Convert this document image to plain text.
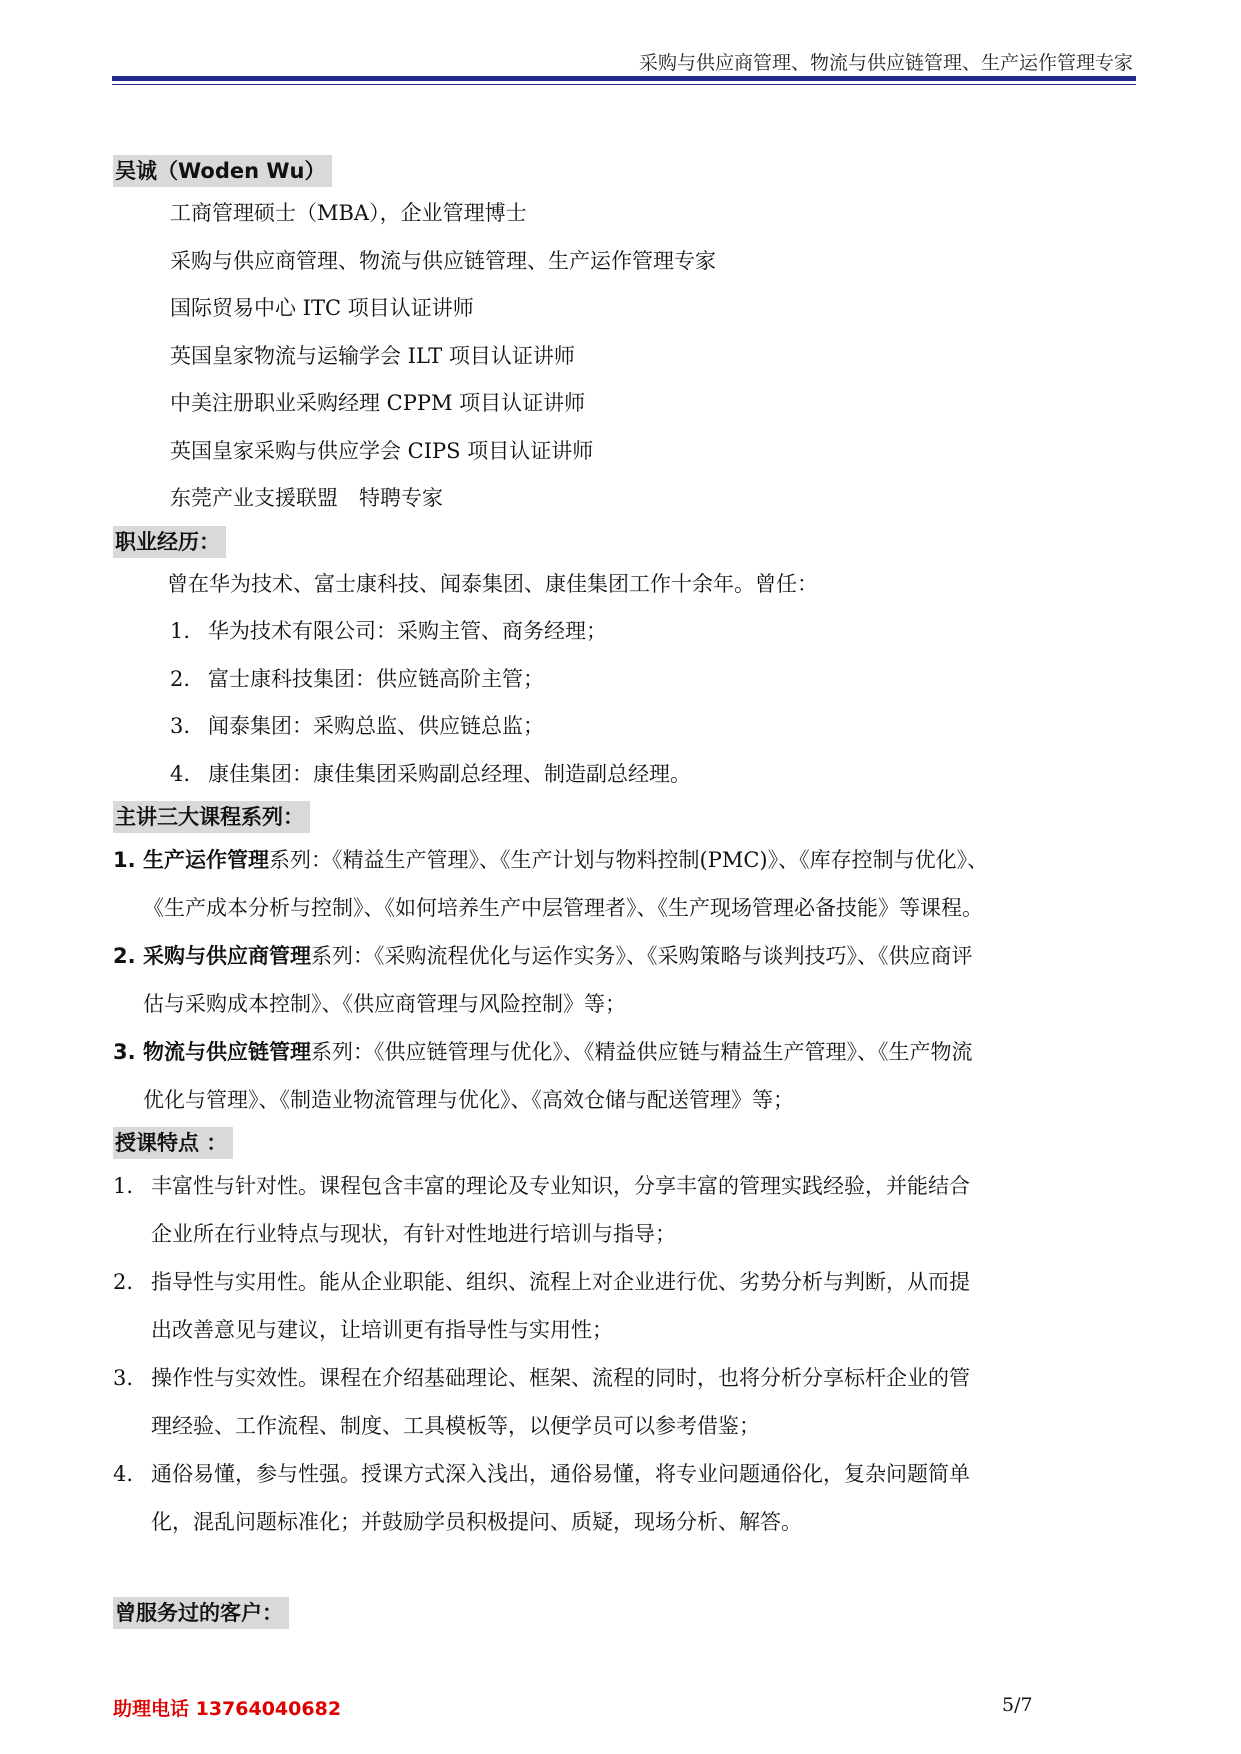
采购与供应商管理、物流与供应链管理、生产运作管理专家
吴诚（Woden Wu）
工商管理硕士（MBA），企业管理博士
采购与供应商管理、物流与供应链管理、生产运作管理专家
国际贸易中心 ITC 项目认证讲师
英国皇家物流与运输学会 ILT 项目认证讲师
中美注册职业采购经理 CPPM 项目认证讲师
英国皇家采购与供应学会 CIPS 项目认证讲师
东莞产业支援联盟　特聘专家
职业经历：
曾在华为技术、富士康科技、闻泰集团、康佳集团工作十余年。曾任：
1. 华为技术有限公司：采购主管、商务经理；
2. 富士康科技集团：供应链高阶主管；
3. 闻泰集团：采购总监、供应链总监；
4. 康佳集团：康佳集团采购副总经理、制造副总经理。
主讲三大课程系列：
1. 生产运作管理系列：《精益生产管理》、《生产计划与物料控制(PMC)》、《库存控制与优化》、
《生产成本分析与控制》、《如何培养生产中层管理者》、《生产现场管理必备技能》等课程。
2. 采购与供应商管理系列：《采购流程优化与运作实务》、《采购策略与谈判技巧》、《供应商评
估与采购成本控制》、《供应商管理与风险控制》等；
3. 物流与供应链管理系列：《供应链管理与优化》、《精益供应链与精益生产管理》、《生产物流
优化与管理》、《制造业物流管理与优化》、《高效仓储与配送管理》等；
授课特点 ：
1. 丰富性与针对性。课程包含丰富的理论及专业知识，分享丰富的管理实践经验，并能结合
企业所在行业特点与现状，有针对性地进行培训与指导；
2. 指导性与实用性。能从企业职能、组织、流程上对企业进行优、劣势分析与判断，从而提
出改善意见与建议，让培训更有指导性与实用性；
3. 操作性与实效性。课程在介绍基础理论、框架、流程的同时，也将分析分享标杆企业的管
理经验、工作流程、制度、工具模板等，以便学员可以参考借鉴；
4. 通俗易懂，参与性强。授课方式深入浅出，通俗易懂，将专业问题通俗化，复杂问题简单
化，混乱问题标准化；并鼓励学员积极提问、质疑，现场分析、解答。
曾服务过的客户：
助理电话 13764040682	5/7
